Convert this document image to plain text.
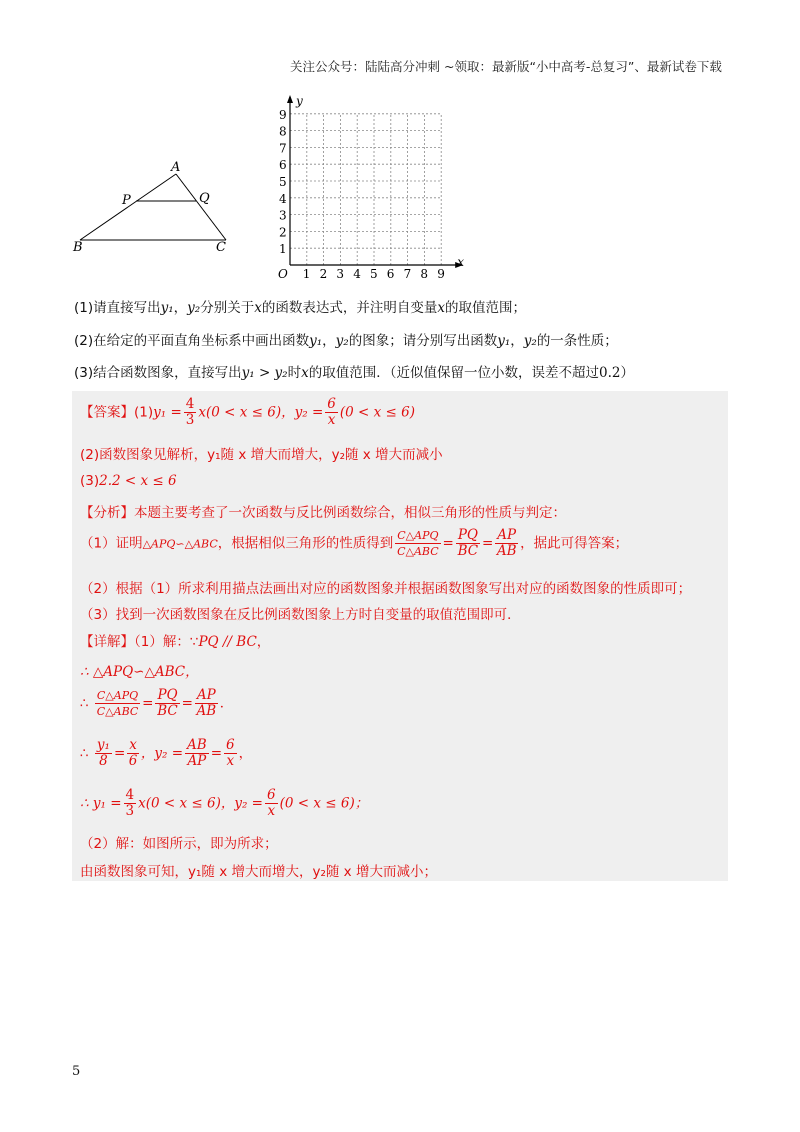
关注公众号：陆陆高分冲刺 ~领取：最新版“小中高考-总复习”、最新试卷下载
A
B	C
P	Q
1 2 3 4 5 6 7 8 9
1
2
3
4
5
6
7
8
9
O
x
y
(1)请直接写出y₁，y₂分别关于x的函数表达式，并注明自变量x的取值范围；
(2)在给定的平面直角坐标系中画出函数y₁，y₂的图象；请分别写出函数y₁，y₂的一条性质；
(3)结合函数图象，直接写出y₁ > y₂时x的取值范围．（近似值保留一位小数，误差不超过0.2）
【答案】$(1)y_1 = \frac{4}{3} x(0 < x \le 6)$，$y_2 = \frac{6}{x} (0 < x \le 6)$
(2)函数图象见解析，y₁随 x 增大而增大，y₂随 x 增大而减小
(3)2.2 < x ≤ 6
【分析】本题主要考查了一次函数与反比例函数综合，相似三角形的性质与判定：
（1）证明△APQ∽△ABC，根据相似三角形的性质得到 $\frac{\text{C△APQ}}{\text{C△ABC}} = \frac{PQ}{BC} = \frac{AP}{AB}$ ，据此可得答案；
（2）根据（1）所求利用描点法画出对应的函数图象并根据函数图象写出对应的函数图象的性质即可；
（3）找到一次函数图象在反比例函数图象上方时自变量的取值范围即可．
【详解】（1）解：∵PQ // BC，
∴ △APQ∽△ABC，
∴ $\frac{\text{C△APQ}}{\text{C△ABC}} = \frac{PQ}{BC} = \frac{AP}{AB}$ ．
∴ $\frac{\text{y₁}}{8} = \frac{x}{6}$ ，$y_2 = \frac{AB}{AP} = \frac{6}{x}$ ，
∴ $y_1 = \frac{4}{3} x(0 < x \le 6)$，$y_2 = \frac{6}{x} (0 < x \le 6)$；
（2）解：如图所示，即为所求；
由函数图象可知，y₁随 x 增大而增大，y₂随 x 增大而减小；
5
